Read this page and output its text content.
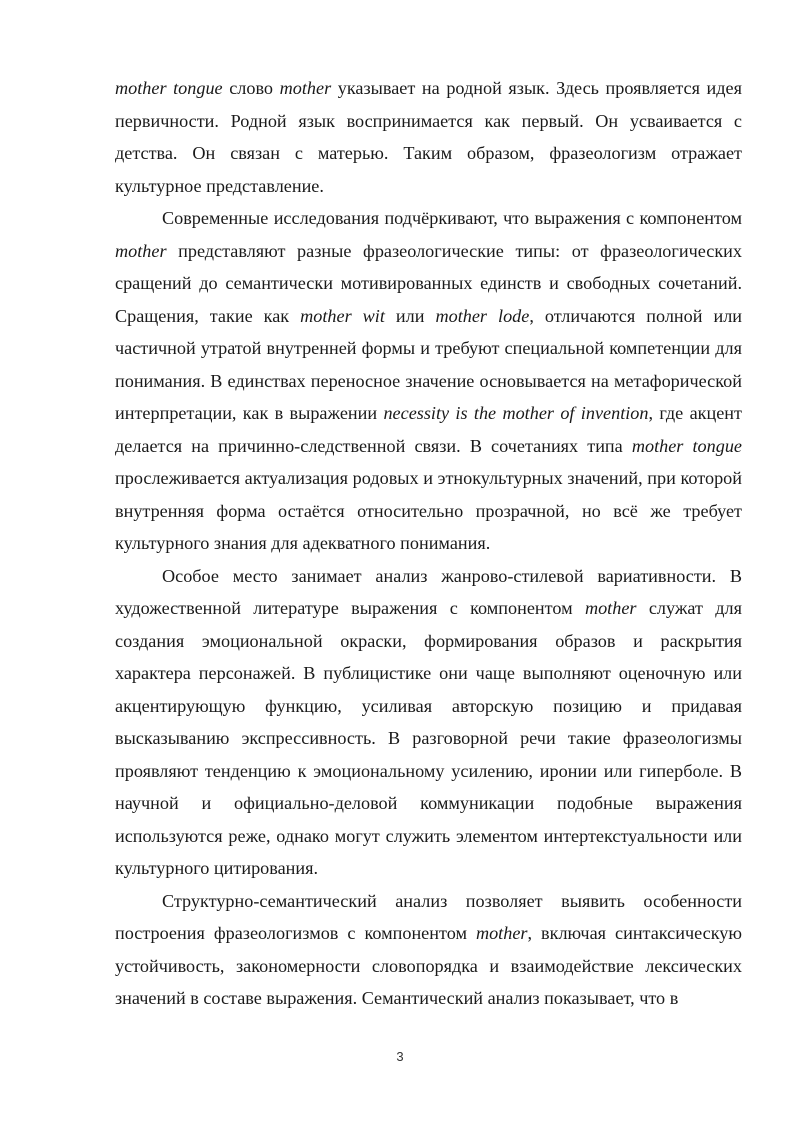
mother tongue слово mother указывает на родной язык. Здесь проявляется идея первичности. Родной язык воспринимается как первый. Он усваивается с детства. Он связан с матерью. Таким образом, фразеологизм отражает культурное представление.

Современные исследования подчёркивают, что выражения с компонентом mother представляют разные фразеологические типы: от фразеологических сращений до семантически мотивированных единств и свободных сочетаний. Сращения, такие как mother wit или mother lode, отличаются полной или частичной утратой внутренней формы и требуют специальной компетенции для понимания. В единствах переносное значение основывается на метафорической интерпретации, как в выражении necessity is the mother of invention, где акцент делается на причинно-следственной связи. В сочетаниях типа mother tongue прослеживается актуализация родовых и этнокультурных значений, при которой внутренняя форма остаётся относительно прозрачной, но всё же требует культурного знания для адекватного понимания.

Особое место занимает анализ жанрово-стилевой вариативности. В художественной литературе выражения с компонентом mother служат для создания эмоциональной окраски, формирования образов и раскрытия характера персонажей. В публицистике они чаще выполняют оценочную или акцентирующую функцию, усиливая авторскую позицию и придавая высказыванию экспрессивность. В разговорной речи такие фразеологизмы проявляют тенденцию к эмоциональному усилению, иронии или гиперболе. В научной и официально-деловой коммуникации подобные выражения используются реже, однако могут служить элементом интертекстуальности или культурного цитирования.

Структурно-семантический анализ позволяет выявить особенности построения фразеологизмов с компонентом mother, включая синтаксическую устойчивость, закономерности словопорядка и взаимодействие лексических значений в составе выражения. Семантический анализ показывает, что в

3
